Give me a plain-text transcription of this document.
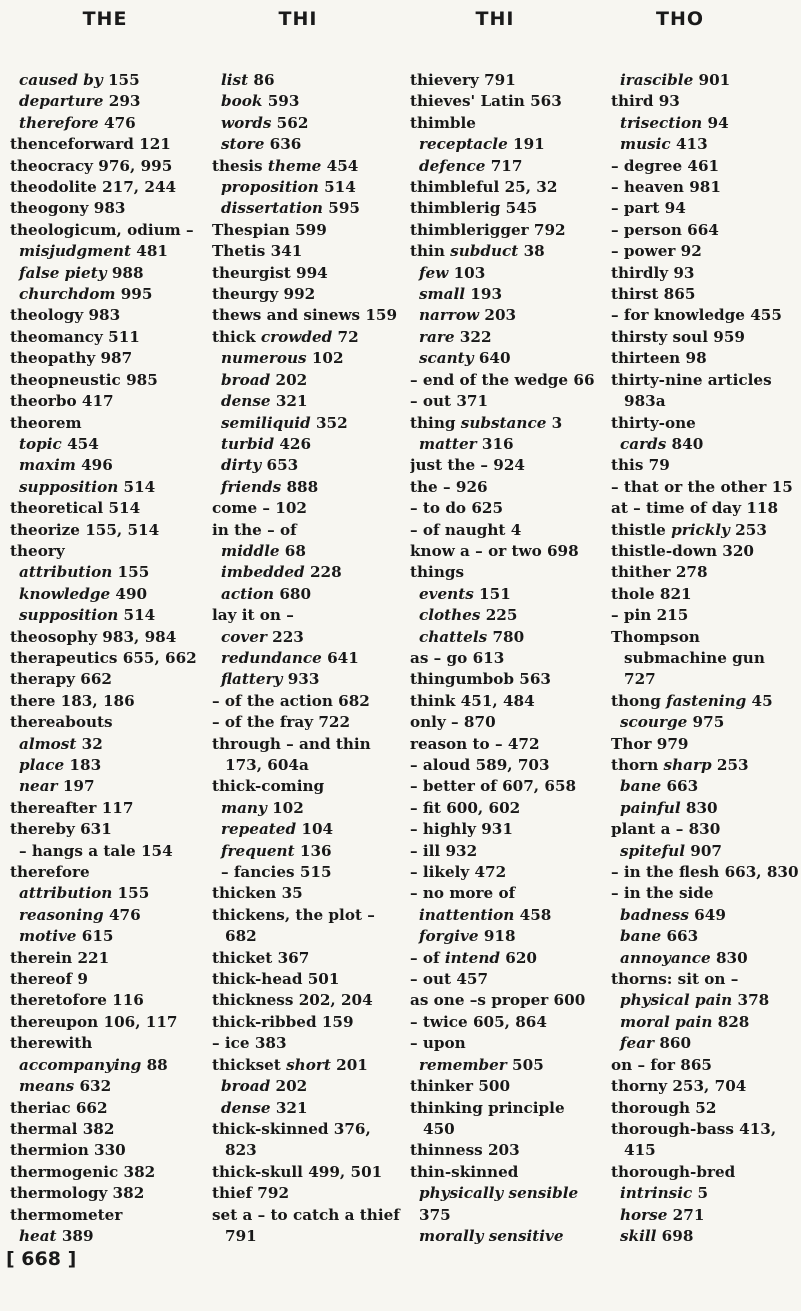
THE	THI	THI	THO
caused by 155
departure 293
therefore 476
thenceforward 121
theocracy 976, 995
theodolite 217, 244
theogony 983
theologicum, odium –
misjudgment 481
false piety 988
churchdom 995
theology 983
theomancy 511
theopathy 987
theopneustic 985
theorbo 417
theorem
topic 454
maxim 496
supposition 514
theoretical 514
theorize 155, 514
theory
attribution 155
knowledge 490
supposition 514
theosophy 983, 984
therapeutics 655, 662
therapy 662
there 183, 186
thereabouts
almost 32
place 183
near 197
thereafter 117
thereby 631
– hangs a tale 154
therefore
attribution 155
reasoning 476
motive 615
therein 221
thereof 9
theretofore 116
thereupon 106, 117
therewith
accompanying 88
means 632
theriac 662
thermal 382
thermion 330
thermogenic 382
thermology 382
thermometer
heat 389
list 86
book 593
words 562
store 636
thesis theme 454
proposition 514
dissertation 595
Thespian 599
Thetis 341
theurgist 994
theurgy 992
thews and sinews 159
thick crowded 72
numerous 102
broad 202
dense 321
semiliquid 352
turbid 426
dirty 653
friends 888
come – 102
in the – of
middle 68
imbedded 228
action 680
lay it on –
cover 223
redundance 641
flattery 933
– of the action 682
– of the fray 722
through – and thin 173, 604a
thick-coming
many 102
repeated 104
frequent 136
– fancies 515
thicken 35
thickens, the plot – 682
thicket 367
thick-head 501
thickness 202, 204
thick-ribbed 159
– ice 383
thickset short 201
broad 202
dense 321
thick-skinned 376, 823
thick-skull 499, 501
thief 792
set a – to catch a thief 791
thievery 791
thieves' Latin 563
thimble
receptacle 191
defence 717
thimbleful 25, 32
thimblerig 545
thimblerigger 792
thin subduct 38
few 103
small 193
narrow 203
rare 322
scanty 640
– end of the wedge 66
– out 371
thing substance 3
matter 316
just the – 924
the – 926
– to do 625
– of naught 4
know a – or two 698
things
events 151
clothes 225
chattels 780
as – go 613
thingumbob 563
think 451, 484
only – 870
reason to – 472
– aloud 589, 703
– better of 607, 658
– fit 600, 602
– highly 931
– ill 932
– likely 472
– no more of
inattention 458
forgive 918
– of intend 620
– out 457
as one –s proper 600
– twice 605, 864
– upon
remember 505
thinker 500
thinking principle 450
thinness 203
thin-skinned
physically sensible 375
morally sensitive
irascible 901
third 93
trisection 94
music 413
– degree 461
– heaven 981
– part 94
– person 664
– power 92
thirdly 93
thirst 865
– for knowledge 455
thirsty soul 959
thirteen 98
thirty-nine articles 983a
thirty-one
cards 840
this 79
– that or the other 15
at – time of day 118
thistle prickly 253
thistle-down 320
thither 278
thole 821
– pin 215
Thompson submachine gun 727
thong fastening 45
scourge 975
Thor 979
thorn sharp 253
bane 663
painful 830
plant a – 830
spiteful 907
– in the flesh 663, 830
– in the side
badness 649
bane 663
annoyance 830
thorns: sit on –
physical pain 378
moral pain 828
fear 860
on – for 865
thorny 253, 704
thorough 52
thorough-bass 413, 415
thorough-bred
intrinsic 5
horse 271
skill 698
[ 668 ]
